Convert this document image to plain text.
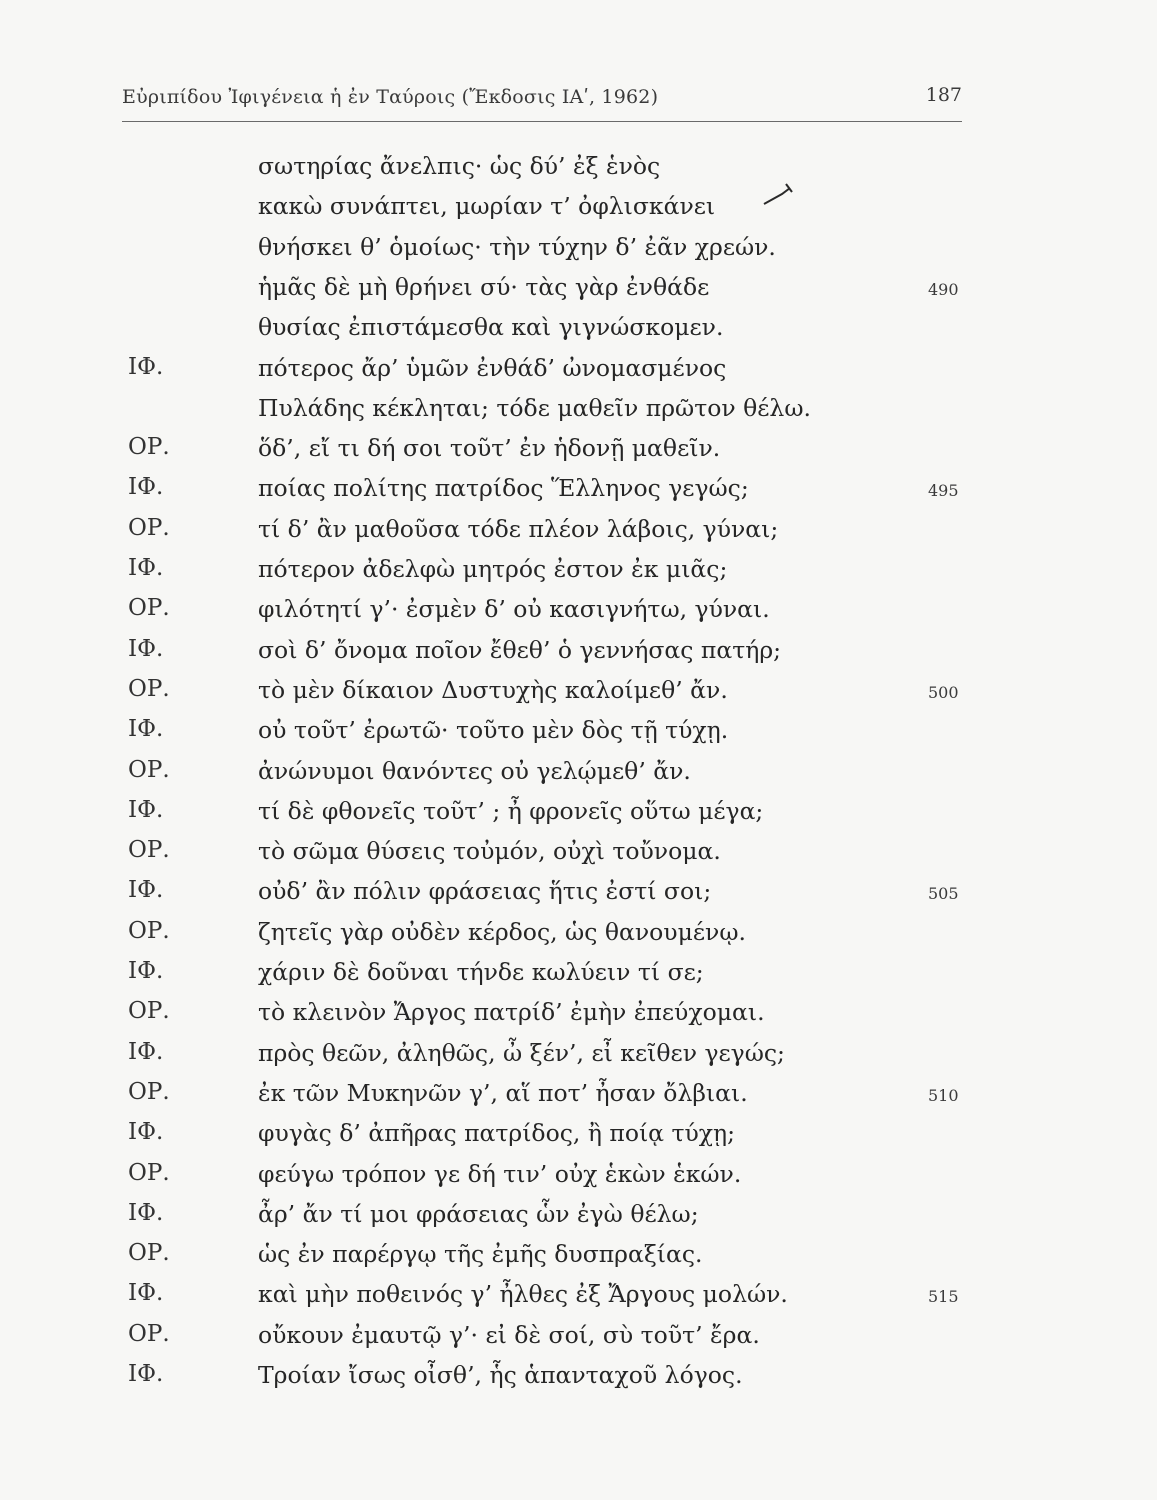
Εὐριπίδου Ἰφιγένεια ἡ ἐν Ταύροις (Ἔκδοσις ΙΑʹ, 1962)	187
σωτηρίας ἄνελπις· ὡς δύ’ ἐξ ἑνὸς
κακὼ συνάπτει, μωρίαν τ’ ὀφλισκάνει
θνήσκει θ’ ὁμοίως· τὴν τύχην δ’ ἐᾶν χρεών.
ἡμᾶς δὲ μὴ θρήνει σύ· τὰς γὰρ ἐνθάδε	490
θυσίας ἐπιστάμεσθα καὶ γιγνώσκομεν.
ΙΦ.	πότερος ἄρ’ ὑμῶν ἐνθάδ’ ὠνομασμένος
Πυλάδης κέκληται; τόδε μαθεῖν πρῶτον θέλω.
ΟΡ.	ὅδ’, εἴ τι δή σοι τοῦτ’ ἐν ἡδονῇ μαθεῖν.
ΙΦ.	ποίας πολίτης πατρίδος Ἕλληνος γεγώς;	495
ΟΡ.	τί δ’ ἂν μαθοῦσα τόδε πλέον λάβοις, γύναι;
ΙΦ.	πότερον ἀδελφὼ μητρός ἐστον ἐκ μιᾶς;
ΟΡ.	φιλότητί γ’· ἐσμὲν δ’ οὐ κασιγνήτω, γύναι.
ΙΦ.	σοὶ δ’ ὄνομα ποῖον ἔθεθ’ ὁ γεννήσας πατήρ;
ΟΡ.	τὸ μὲν δίκαιον Δυστυχὴς καλοίμεθ’ ἄν.	500
ΙΦ.	οὐ τοῦτ’ ἐρωτῶ· τοῦτο μὲν δὸς τῇ τύχῃ.
ΟΡ.	ἀνώνυμοι θανόντες οὐ γελῴμεθ’ ἄν.
ΙΦ.	τί δὲ φθονεῖς τοῦτ’ ; ἦ φρονεῖς οὕτω μέγα;
ΟΡ.	τὸ σῶμα θύσεις τοὐμόν, οὐχὶ τοὔνομα.
ΙΦ.	οὐδ’ ἂν πόλιν φράσειας ἥτις ἐστί σοι;	505
ΟΡ.	ζητεῖς γὰρ οὐδὲν κέρδος, ὡς θανουμένῳ.
ΙΦ.	χάριν δὲ δοῦναι τήνδε κωλύειν τί σε;
ΟΡ.	τὸ κλεινὸν Ἄργος πατρίδ’ ἐμὴν ἐπεύχομαι.
ΙΦ.	πρὸς θεῶν, ἀληθῶς, ὦ ξέν’, εἶ κεῖθεν γεγώς;
ΟΡ.	ἐκ τῶν Μυκηνῶν γ’, αἵ ποτ’ ἦσαν ὄλβιαι.	510
ΙΦ.	φυγὰς δ’ ἀπῆρας πατρίδος, ἢ ποίᾳ τύχῃ;
ΟΡ.	φεύγω τρόπον γε δή τιν’ οὐχ ἑκὼν ἑκών.
ΙΦ.	ἆρ’ ἄν τί μοι φράσειας ὧν ἐγὼ θέλω;
ΟΡ.	ὡς ἐν παρέργῳ τῆς ἐμῆς δυσπραξίας.
ΙΦ.	καὶ μὴν ποθεινός γ’ ἦλθες ἐξ Ἄργους μολών.	515
ΟΡ.	οὔκουν ἐμαυτῷ γ’· εἰ δὲ σοί, σὺ τοῦτ’ ἔρα.
ΙΦ.	Τροίαν ἴσως οἶσθ’, ἧς ἁπανταχοῦ λόγος.
